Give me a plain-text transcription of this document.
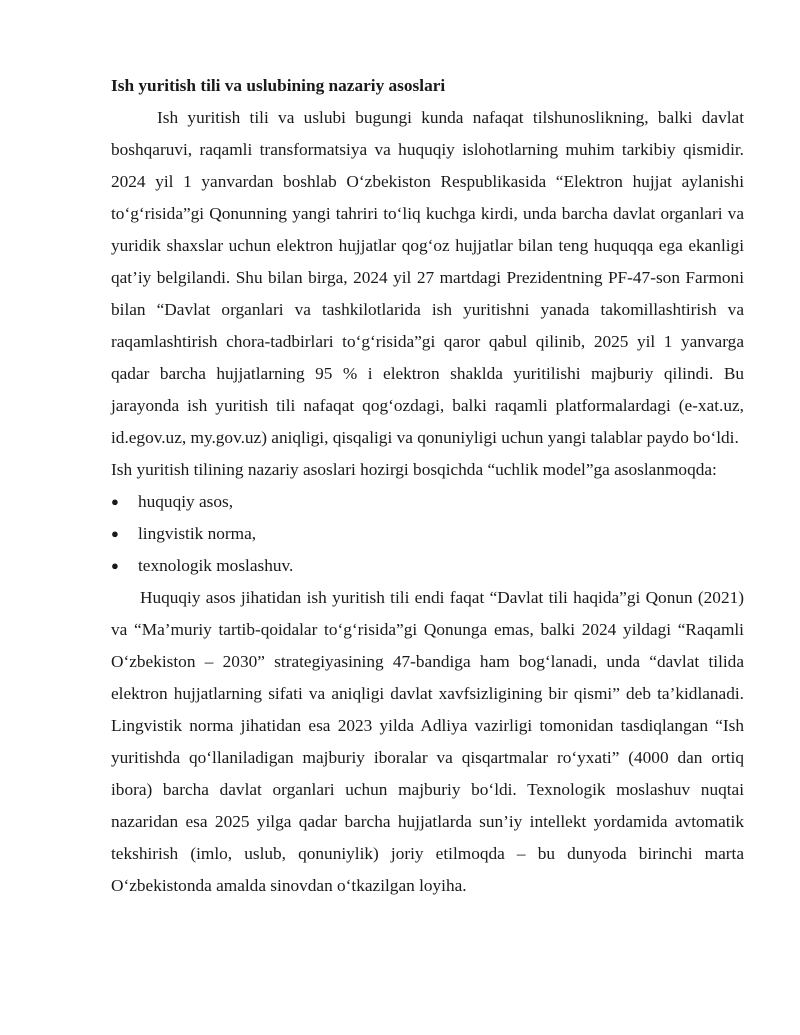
Ish yuritish tili va uslubining nazariy asoslari

Ish yuritish tili va uslubi bugungi kunda nafaqat tilshunoslikning, balki davlat boshqaruvi, raqamli transformatsiya va huquqiy islohotlarning muhim tarkibiy qismidir. 2024 yil 1 yanvardan boshlab O‘zbekiston Respublikasida “Elektron hujjat aylanishi to‘g‘risida”gi Qonunning yangi tahriri to‘liq kuchga kirdi, unda barcha davlat organlari va yuridik shaxslar uchun elektron hujjatlar qog‘oz hujjatlar bilan teng huquqqa ega ekanligi qat’iy belgilandi. Shu bilan birga, 2024 yil 27 martdagi Prezidentning PF-47-son Farmoni bilan “Davlat organlari va tashkilotlarida ish yuritishni yanada takomillashtirish va raqamlashtirish chora-tadbirlari to‘g‘risida”gi qaror qabul qilinib, 2025 yil 1 yanvarga qadar barcha hujjatlarning 95 % i elektron shaklda yuritilishi majburiy qilindi. Bu jarayonda ish yuritish tili nafaqat qog‘ozdagi, balki raqamli platformalardagi (e-xat.uz, id.egov.uz, my.gov.uz) aniqligi, qisqaligi va qonuniyligi uchun yangi talablar paydo bo‘ldi.

Ish yuritish tilining nazariy asoslari hozirgi bosqichda “uchlik model”ga asoslanmoqda:

● huquqiy asos,
● lingvistik norma,
● texnologik moslashuv.

Huquqiy asos jihatidan ish yuritish tili endi faqat “Davlat tili haqida”gi Qonun (2021) va “Ma’muriy tartib-qoidalar to‘g‘risida”gi Qonunga emas, balki 2024 yildagi “Raqamli O‘zbekiston – 2030” strategiyasining 47-bandiga ham bog‘lanadi, unda “davlat tilida elektron hujjatlarning sifati va aniqligi davlat xavfsizligining bir qismi” deb ta’kidlanadi. Lingvistik norma jihatidan esa 2023 yilda Adliya vazirligi tomonidan tasdiqlangan “Ish yuritishda qo‘llaniladigan majburiy iboralar va qisqartmalar ro‘yxati” (4000 dan ortiq ibora) barcha davlat organlari uchun majburiy bo‘ldi. Texnologik moslashuv nuqtai nazaridan esa 2025 yilga qadar barcha hujjatlarda sun’iy intellekt yordamida avtomatik tekshirish (imlo, uslub, qonuniylik) joriy etilmoqda – bu dunyoda birinchi marta O‘zbekistonda amalda sinovdan o‘tkazilgan loyiha.
